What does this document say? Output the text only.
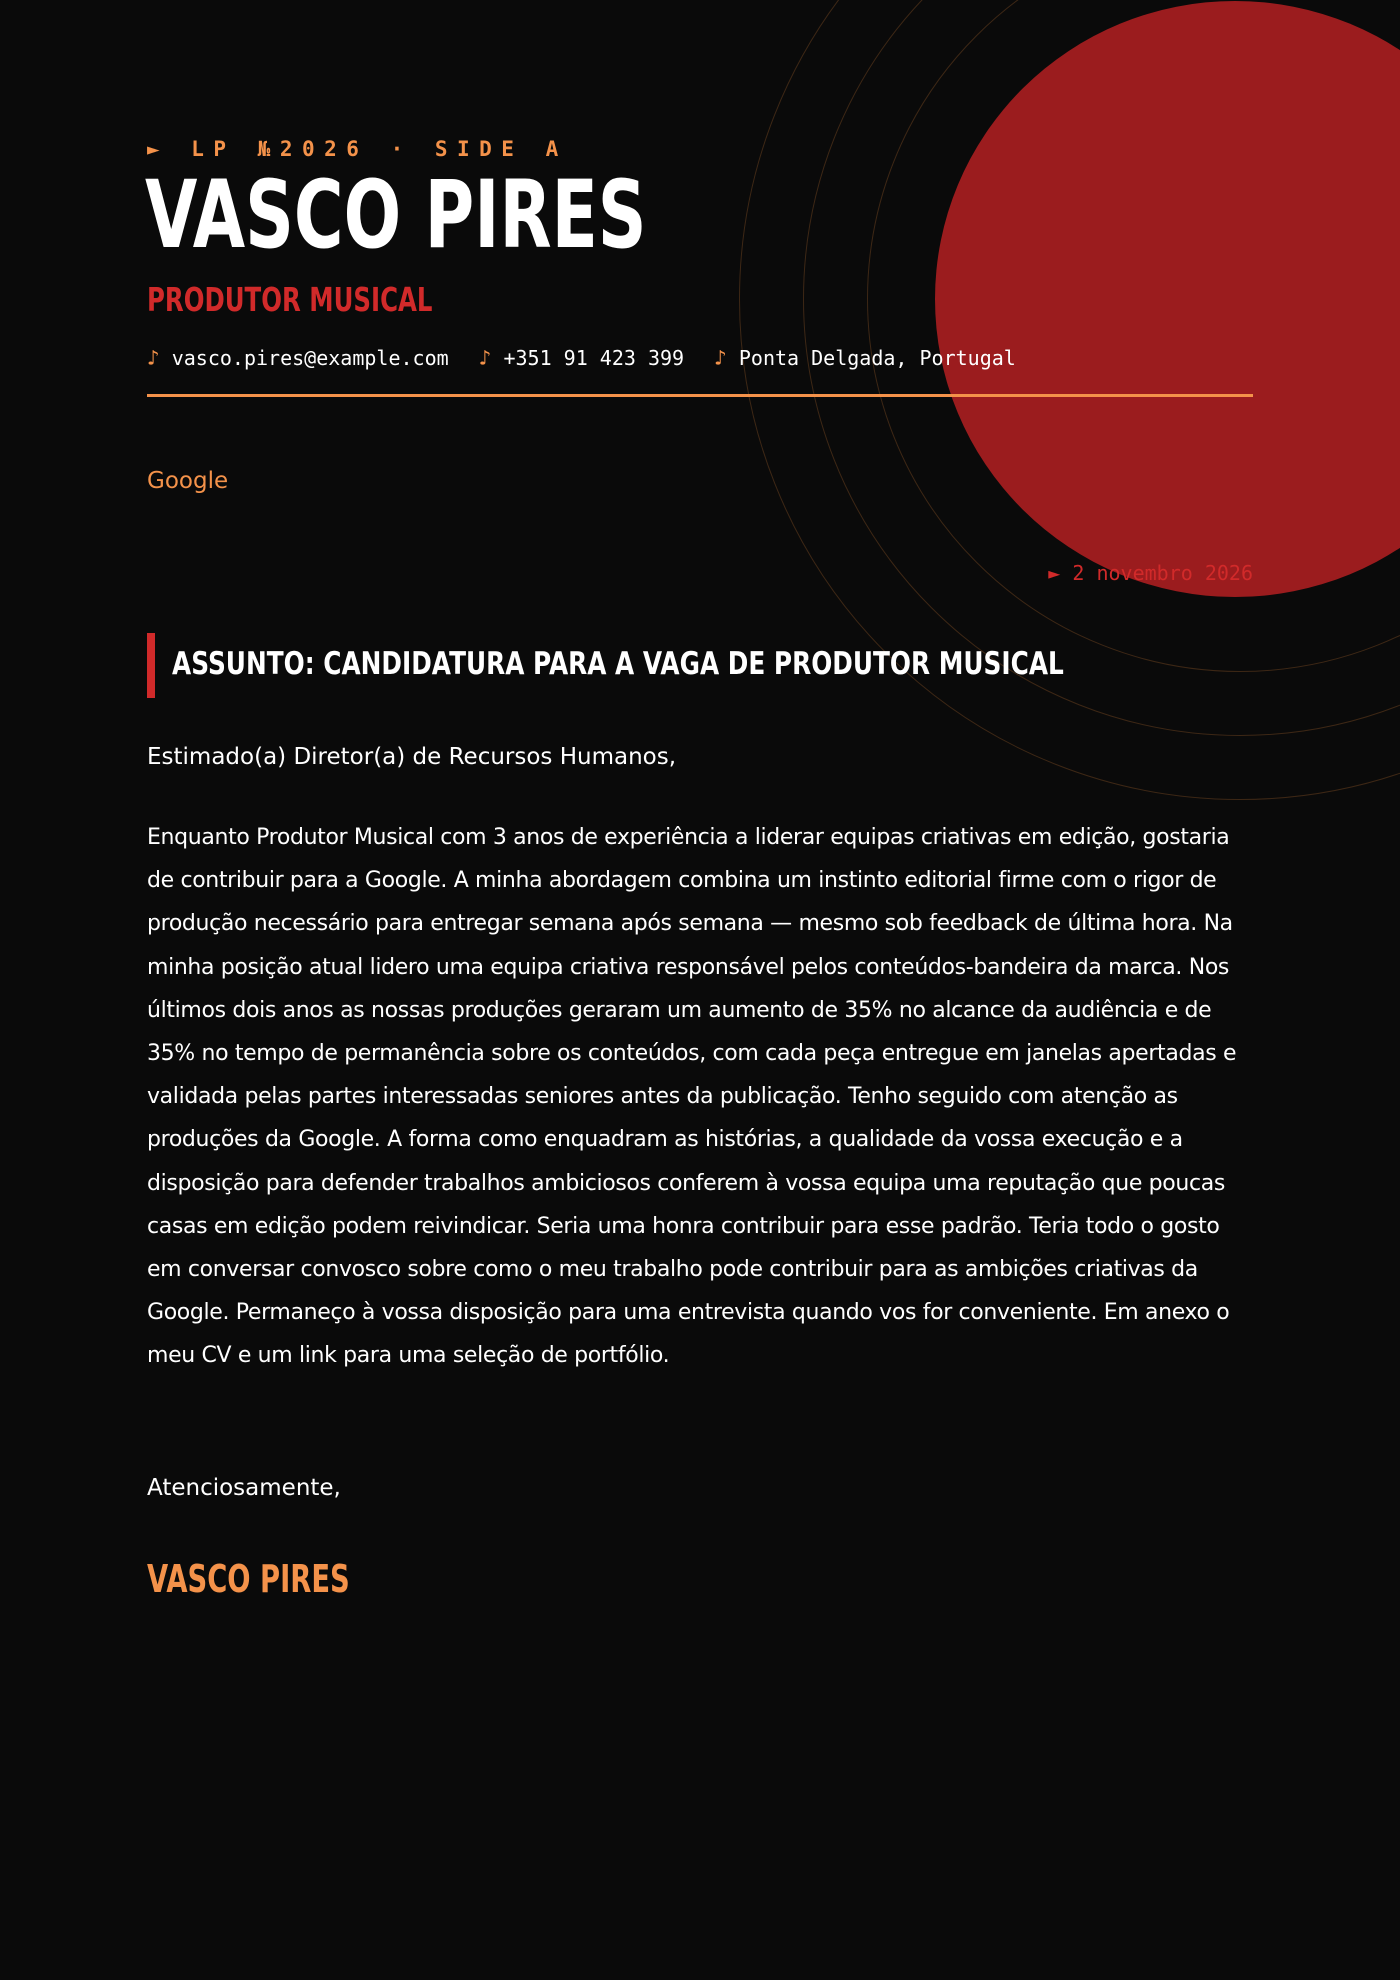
► LP №2026 · SIDE A
VASCO PIRES
PRODUTOR MUSICAL
♪ vasco.pires@example.com ♪ +351 91 423 399 ♪ Ponta Delgada, Portugal
Google
► 2 novembro 2026
ASSUNTO: CANDIDATURA PARA A VAGA DE PRODUTOR MUSICAL
Estimado(a) Diretor(a) de Recursos Humanos,

Enquanto Produtor Musical com 3 anos de experiência a liderar equipas criativas em edição, gostaria de contribuir para a Google. A minha abordagem combina um instinto editorial firme com o rigor de produção necessário para entregar semana após semana — mesmo sob feedback de última hora. Na minha posição atual lidero uma equipa criativa responsável pelos conteúdos-bandeira da marca. Nos últimos dois anos as nossas produções geraram um aumento de 35% no alcance da audiência e de 35% no tempo de permanência sobre os conteúdos, com cada peça entregue em janelas apertadas e validada pelas partes interessadas seniores antes da publicação. Tenho seguido com atenção as produções da Google. A forma como enquadram as histórias, a qualidade da vossa execução e a disposição para defender trabalhos ambiciosos conferem à vossa equipa uma reputação que poucas casas em edição podem reivindicar. Seria uma honra contribuir para esse padrão. Teria todo o gosto em conversar convosco sobre como o meu trabalho pode contribuir para as ambições criativas da Google. Permaneço à vossa disposição para uma entrevista quando vos for conveniente. Em anexo o meu CV e um link para uma seleção de portfólio.

Atenciosamente,
VASCO PIRES
